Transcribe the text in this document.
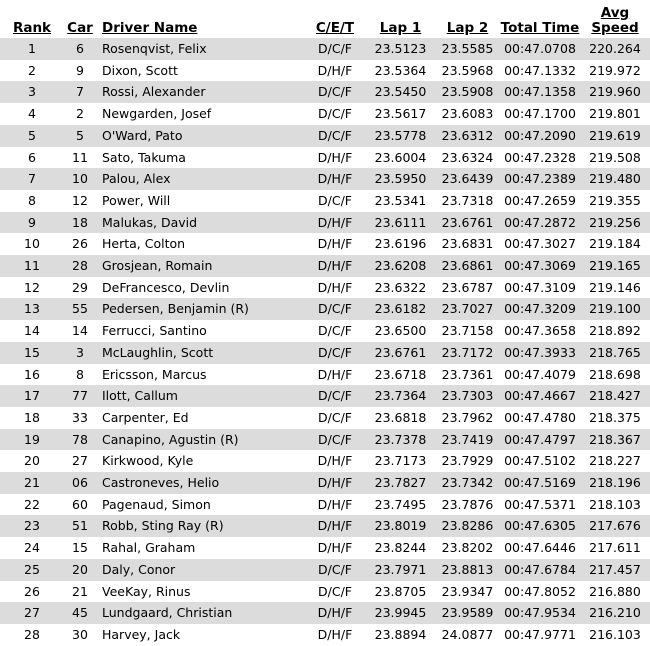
Rank	Car	Driver Name	C/E/T	Lap 1	Lap 2	Total Time	Avg
Speed
1	6	Rosenqvist, Felix	D/C/F	23.5123	23.5585	00:47.0708	220.264
2	9	Dixon, Scott	D/H/F	23.5364	23.5968	00:47.1332	219.972
3	7	Rossi, Alexander	D/C/F	23.5450	23.5908	00:47.1358	219.960
4	2	Newgarden, Josef	D/C/F	23.5617	23.6083	00:47.1700	219.801
5	5	O'Ward, Pato	D/C/F	23.5778	23.6312	00:47.2090	219.619
6	11	Sato, Takuma	D/H/F	23.6004	23.6324	00:47.2328	219.508
7	10	Palou, Alex	D/H/F	23.5950	23.6439	00:47.2389	219.480
8	12	Power, Will	D/C/F	23.5341	23.7318	00:47.2659	219.355
9	18	Malukas, David	D/H/F	23.6111	23.6761	00:47.2872	219.256
10	26	Herta, Colton	D/H/F	23.6196	23.6831	00:47.3027	219.184
11	28	Grosjean, Romain	D/H/F	23.6208	23.6861	00:47.3069	219.165
12	29	DeFrancesco, Devlin	D/H/F	23.6322	23.6787	00:47.3109	219.146
13	55	Pedersen, Benjamin (R)	D/C/F	23.6182	23.7027	00:47.3209	219.100
14	14	Ferrucci, Santino	D/C/F	23.6500	23.7158	00:47.3658	218.892
15	3	McLaughlin, Scott	D/C/F	23.6761	23.7172	00:47.3933	218.765
16	8	Ericsson, Marcus	D/H/F	23.6718	23.7361	00:47.4079	218.698
17	77	Ilott, Callum	D/C/F	23.7364	23.7303	00:47.4667	218.427
18	33	Carpenter, Ed	D/C/F	23.6818	23.7962	00:47.4780	218.375
19	78	Canapino, Agustin (R)	D/C/F	23.7378	23.7419	00:47.4797	218.367
20	27	Kirkwood, Kyle	D/H/F	23.7173	23.7929	00:47.5102	218.227
21	06	Castroneves, Helio	D/H/F	23.7827	23.7342	00:47.5169	218.196
22	60	Pagenaud, Simon	D/H/F	23.7495	23.7876	00:47.5371	218.103
23	51	Robb, Sting Ray (R)	D/H/F	23.8019	23.8286	00:47.6305	217.676
24	15	Rahal, Graham	D/H/F	23.8244	23.8202	00:47.6446	217.611
25	20	Daly, Conor	D/C/F	23.7971	23.8813	00:47.6784	217.457
26	21	VeeKay, Rinus	D/C/F	23.8705	23.9347	00:47.8052	216.880
27	45	Lundgaard, Christian	D/H/F	23.9945	23.9589	00:47.9534	216.210
28	30	Harvey, Jack	D/H/F	23.8894	24.0877	00:47.9771	216.103
